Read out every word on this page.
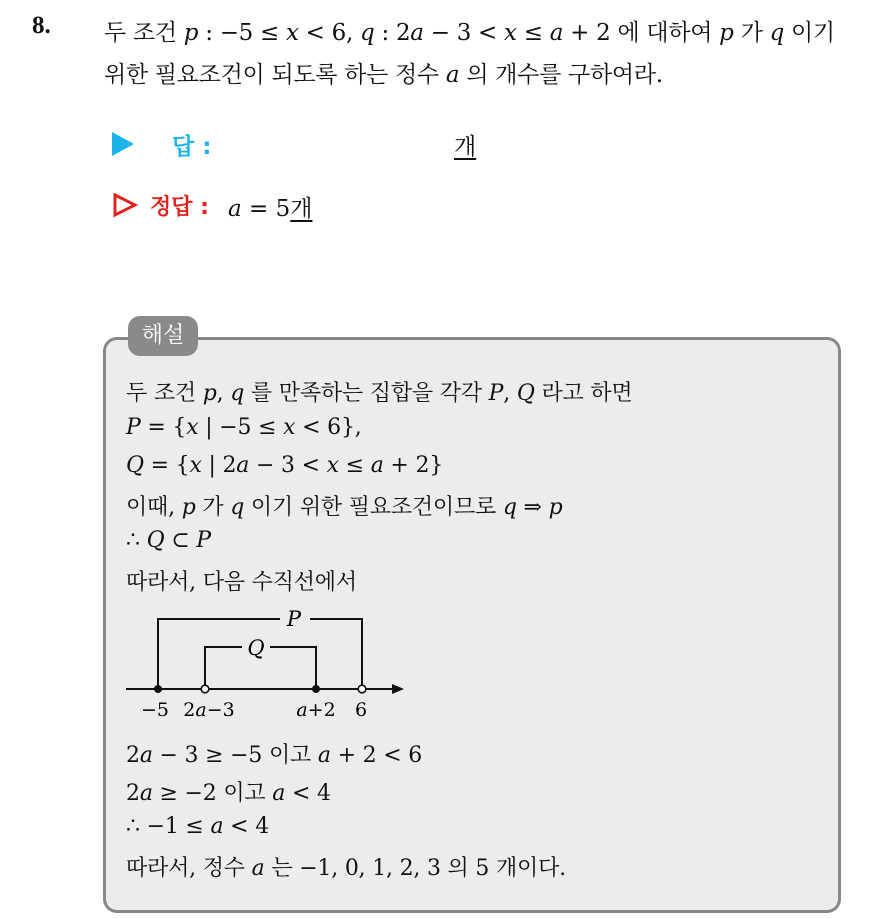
8. 두 조건 p : −5 ≤ x < 6, q : 2a − 3 < x ≤ a + 2 에 대하여 p 가 q 이기
위한 필요조건이 되도록 하는 정수 a 의 개수를 구하여라.
답 :	개
정답 : a = 5개
해설
두 조건 p, q 를 만족하는 집합을 각각 P, Q 라고 하면
P = {x | −5 ≤ x < 6},
Q = {x | 2a − 3 < x ≤ a + 2}
이때, p 가 q 이기 위한 필요조건이므로 q ⇒ p
∴ Q ⊂ P
따라서, 다음 수직선에서
P
Q
−5 2a−3	a+2 6
2a − 3 ≥ −5 이고 a + 2 < 6
2a ≥ −2 이고 a < 4
∴ −1 ≤ a < 4
따라서, 정수 a 는 −1, 0, 1, 2, 3 의 5 개이다.
